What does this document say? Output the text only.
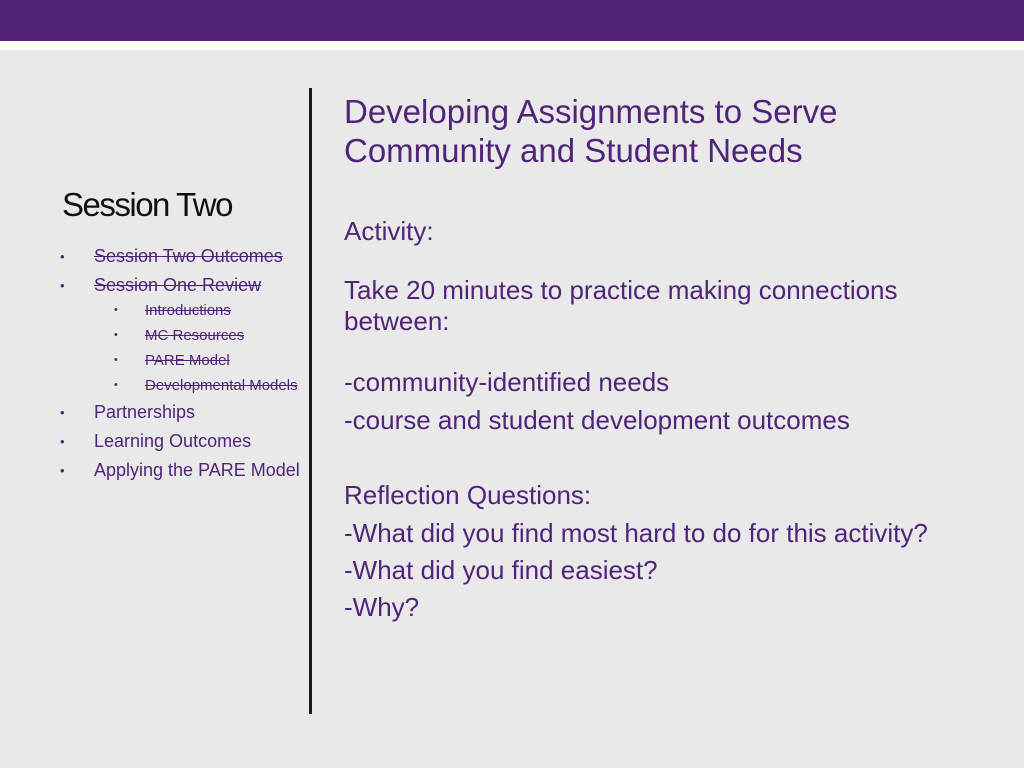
Session Two
• Session Two Outcomes
• Session One Review
•	Introductions
•	MC Resources
•	PARE Model
•	Developmental Models
• Partnerships
• Learning Outcomes
• Applying the PARE Model
Developing Assignments to Serve Community and Student Needs

Activity:

Take 20 minutes to practice making connections between:

-community-identified needs

-course and student development outcomes

Reflection Questions:

-What did you find most hard to do for this activity?

-What did you find easiest?

-Why?
